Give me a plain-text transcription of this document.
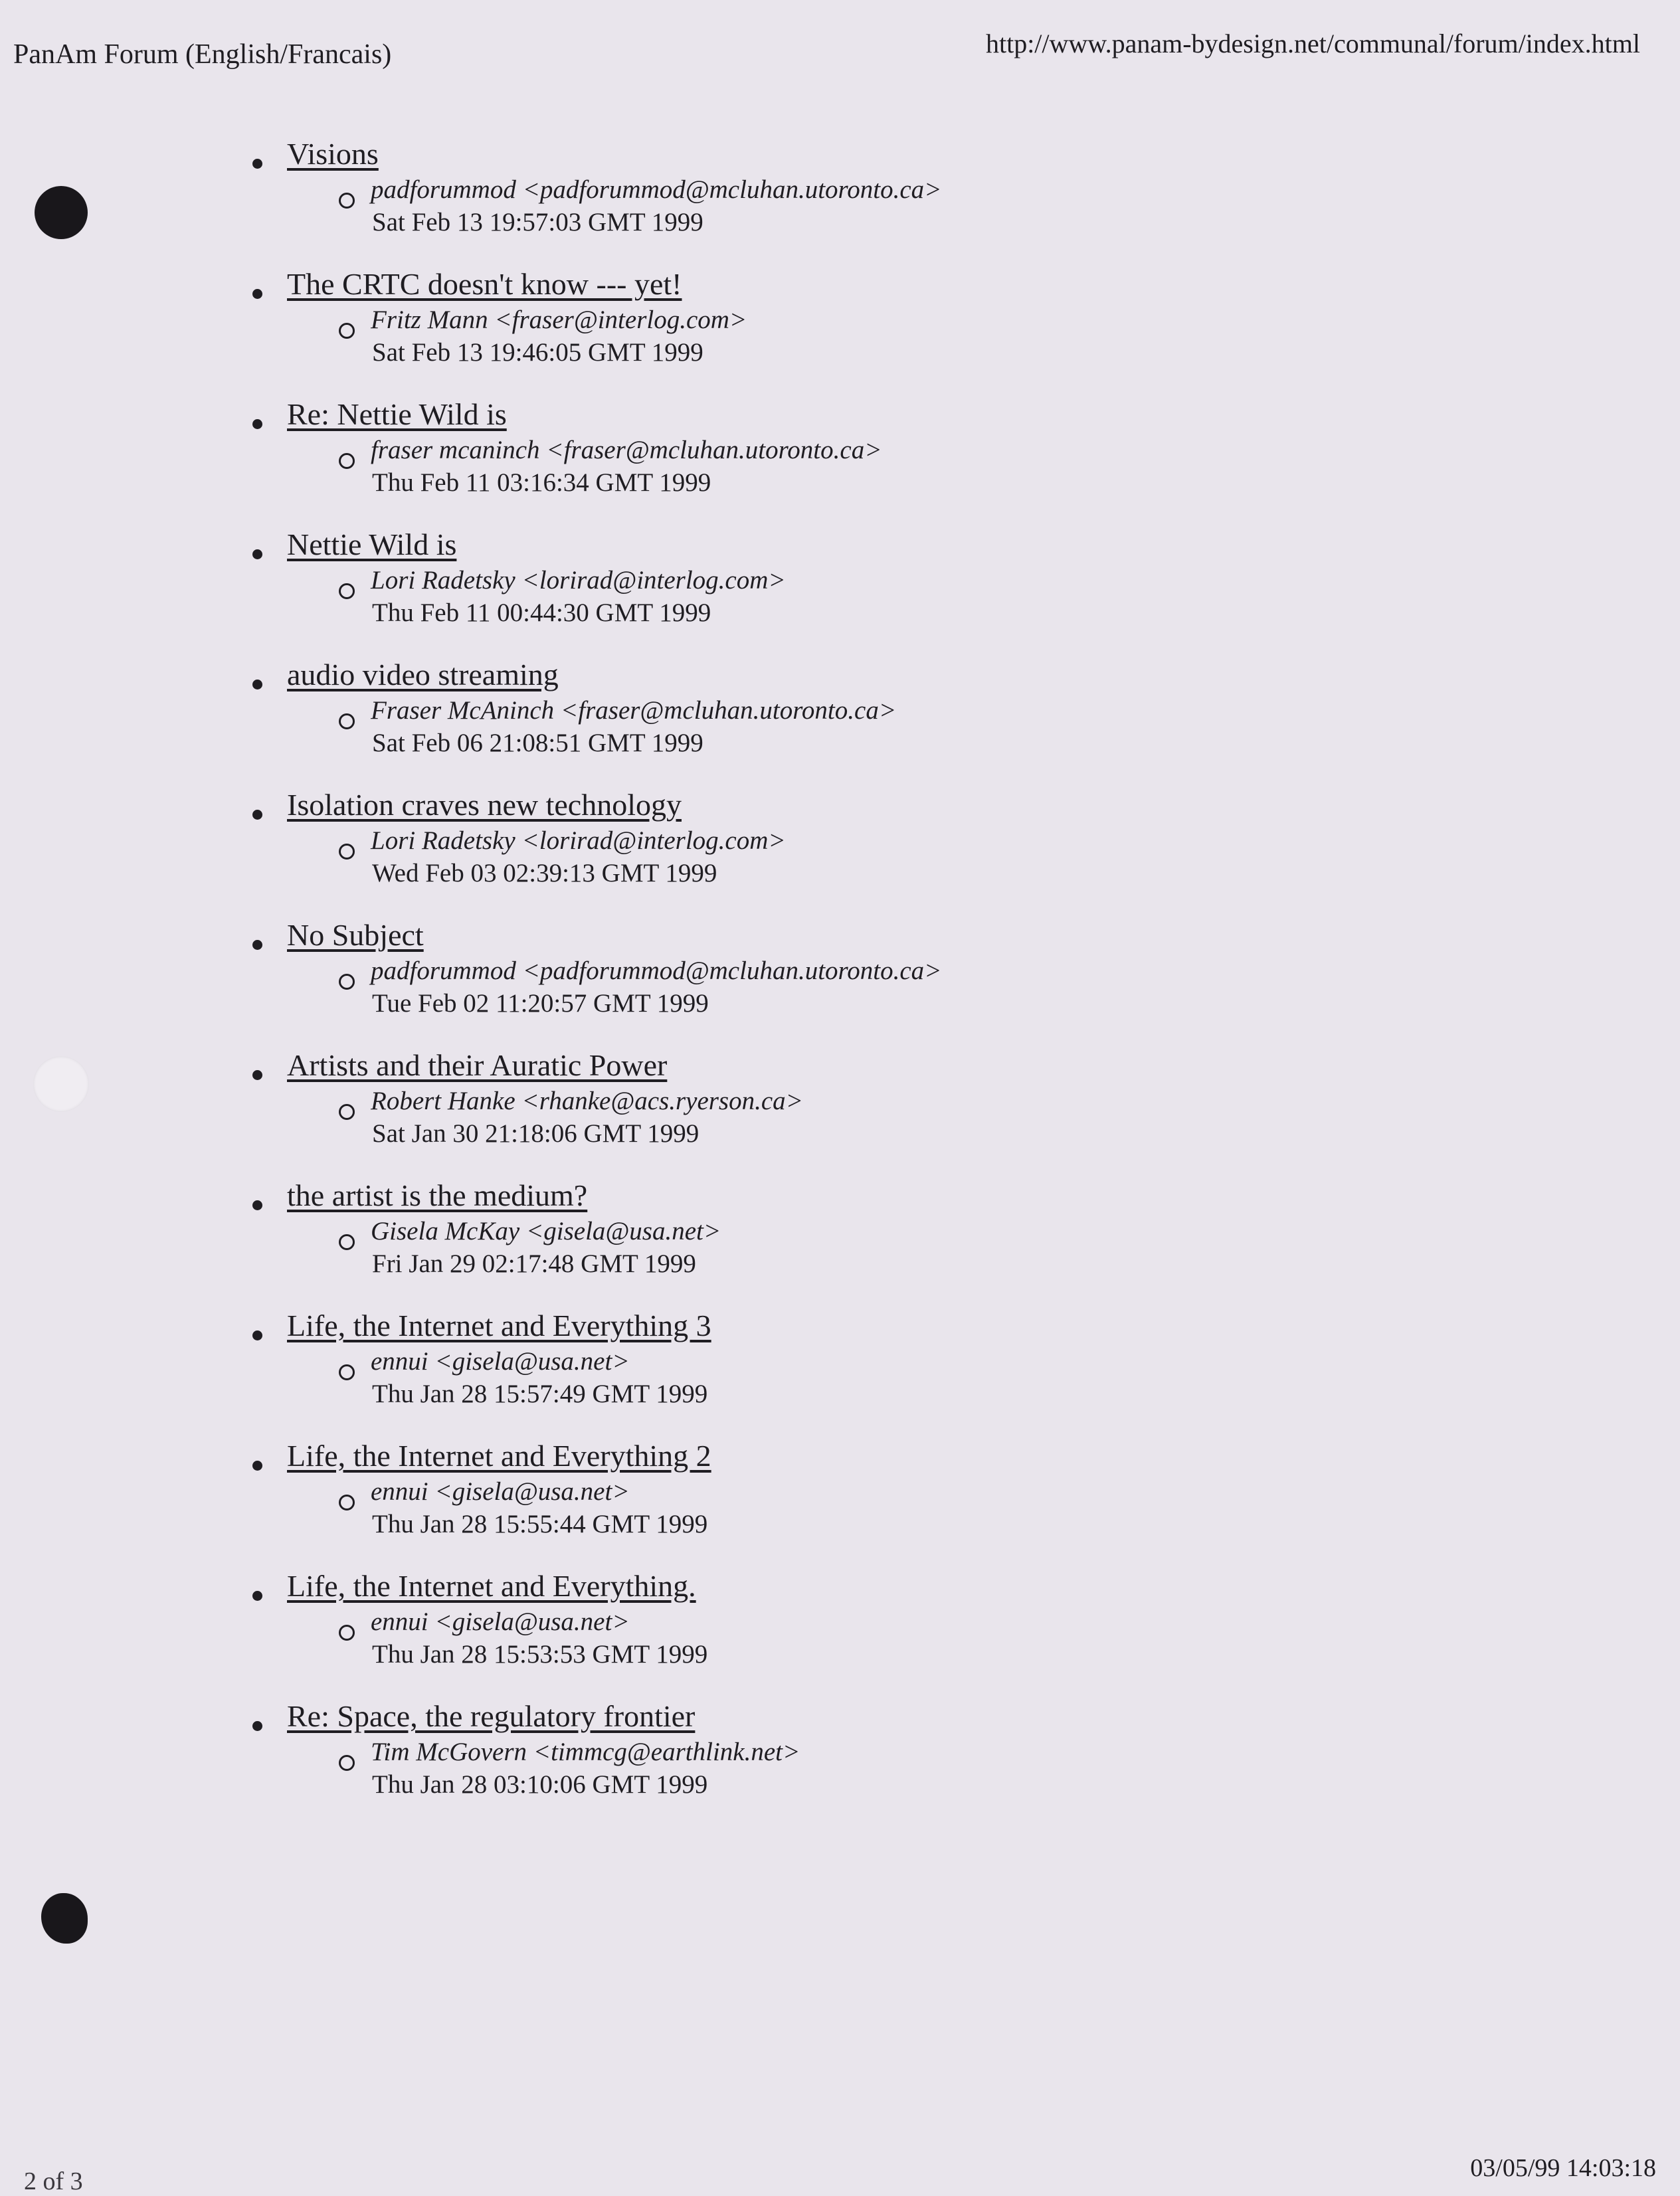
PanAm Forum (English/Francais)	http://www.panam-bydesign.net/communal/forum/index.html
Visions
padforummod <padforummod@mcluhan.utoronto.ca>
Sat Feb 13 19:57:03 GMT 1999
The CRTC doesn't know --- yet!
Fritz Mann <fraser@interlog.com>
Sat Feb 13 19:46:05 GMT 1999
Re: Nettie Wild is
fraser mcaninch <fraser@mcluhan.utoronto.ca>
Thu Feb 11 03:16:34 GMT 1999
Nettie Wild is
Lori Radetsky <lorirad@interlog.com>
Thu Feb 11 00:44:30 GMT 1999
audio video streaming
Fraser McAninch <fraser@mcluhan.utoronto.ca>
Sat Feb 06 21:08:51 GMT 1999
Isolation craves new technology
Lori Radetsky <lorirad@interlog.com>
Wed Feb 03 02:39:13 GMT 1999
No Subject
padforummod <padforummod@mcluhan.utoronto.ca>
Tue Feb 02 11:20:57 GMT 1999
Artists and their Auratic Power
Robert Hanke <rhanke@acs.ryerson.ca>
Sat Jan 30 21:18:06 GMT 1999
the artist is the medium?
Gisela McKay <gisela@usa.net>
Fri Jan 29 02:17:48 GMT 1999
Life, the Internet and Everything 3
ennui <gisela@usa.net>
Thu Jan 28 15:57:49 GMT 1999
Life, the Internet and Everything 2
ennui <gisela@usa.net>
Thu Jan 28 15:55:44 GMT 1999
Life, the Internet and Everything.
ennui <gisela@usa.net>
Thu Jan 28 15:53:53 GMT 1999
Re: Space, the regulatory frontier
Tim McGovern <timmcg@earthlink.net>
Thu Jan 28 03:10:06 GMT 1999
2 of 3	03/05/99 14:03:18
